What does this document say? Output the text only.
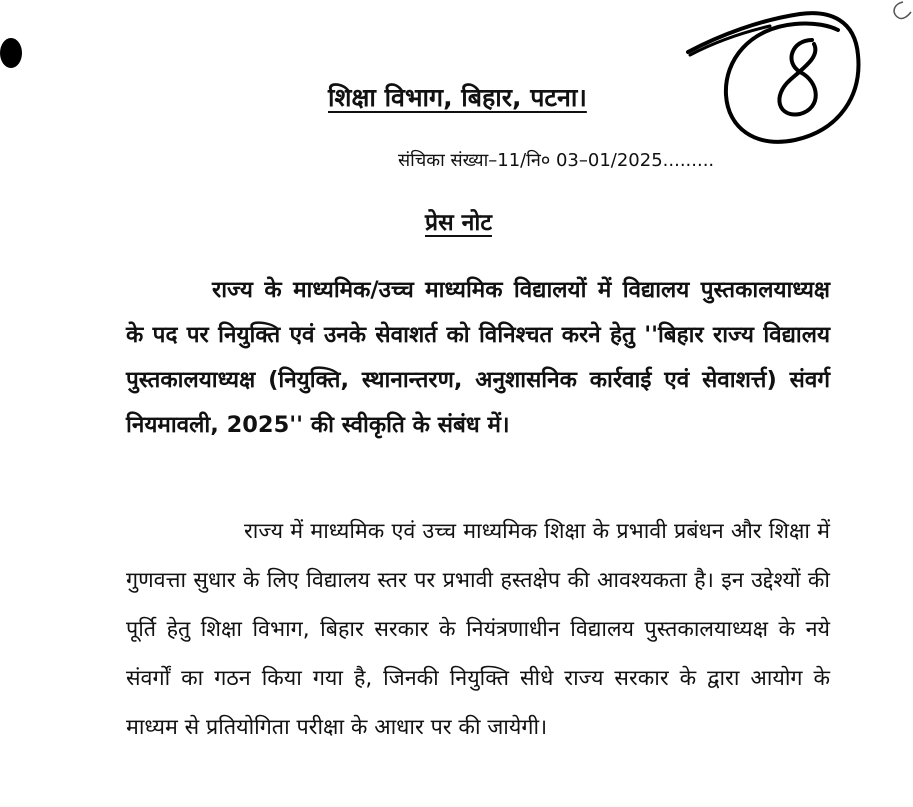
8
शिक्षा विभाग, बिहार, पटना।
संचिका संख्या–11/नि० 03–01/2025.........
प्रेस नोट
राज्य के माध्यमिक/उच्च माध्यमिक विद्यालयों में विद्यालय पुस्तकालयाध्यक्ष के पद पर नियुक्ति एवं उनके सेवाशर्त को विनिश्चत करने हेतु ''बिहार राज्य विद्यालय पुस्तकालयाध्यक्ष (नियुक्ति, स्थानान्तरण, अनुशासनिक कार्रवाई एवं सेवाशर्त्त) संवर्ग नियमावली, 2025'' की स्वीकृति के संबंध में।
राज्य में माध्यमिक एवं उच्च माध्यमिक शिक्षा के प्रभावी प्रबंधन और शिक्षा में गुणवत्ता सुधार के लिए विद्यालय स्तर पर प्रभावी हस्तक्षेप की आवश्यकता है। इन उद्देश्यों की पूर्ति हेतु शिक्षा विभाग, बिहार सरकार के नियंत्रणाधीन विद्यालय पुस्तकालयाध्यक्ष के नये संवर्गों का गठन किया गया है, जिनकी नियुक्ति सीधे राज्य सरकार के द्वारा आयोग के माध्यम से प्रतियोगिता परीक्षा के आधार पर की जायेगी।
